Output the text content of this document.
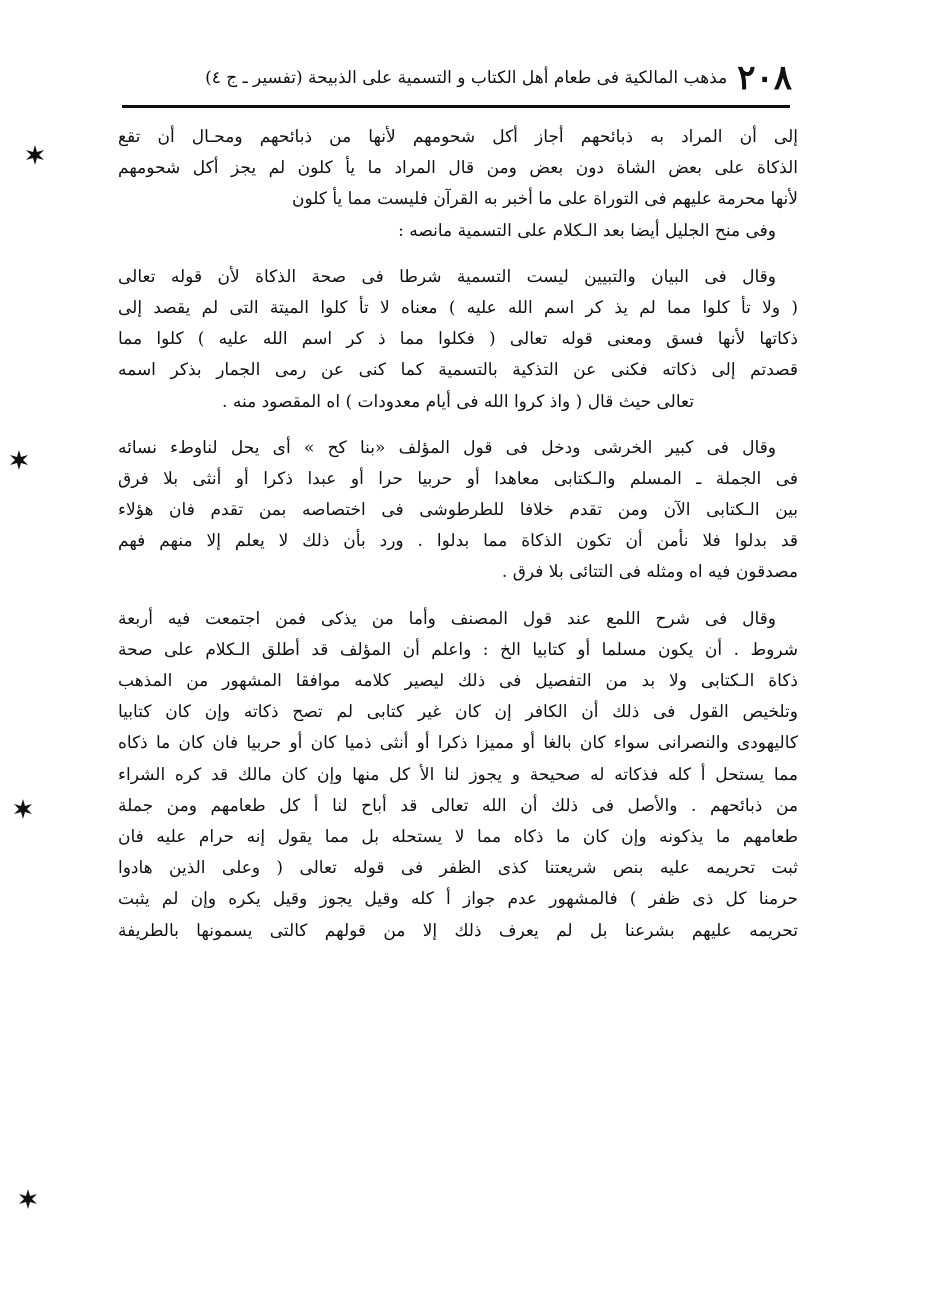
٢٠٨
مذهب المالكية فى طعام أهل الكتاب و التسمية على الذبيحة (تفسير ـ ج ٤)
إلى أن المراد به ذبائحهم أجاز أكل شحومهم لأنها من ذبائحهم ومحـال أن تقع
الذكاة على بعض الشاة دون بعض ومن قال المراد ما يأ كلون لم يجز أكل شحومهم
لأنها محرمة عليهم فى التوراة على ما أخبر به القرآن فليست مما يأ كلون
وفى منح الجليل أيضا بعد الـكلام على التسمية مانصه :
وقال فى البيان والتبيين ليست التسمية شرطا فى صحة الذكاة لأن قوله تعالى
( ولا تأ كلوا مما لم يذ كر اسم الله عليه ) معناه لا تأ كلوا الميتة التى لم يقصد إلى
ذكاتها لأنها فسق ومعنى قوله تعالى ( فكلوا مما ذ كر اسم الله عليه ) كلوا مما
قصدتم إلى ذكاته فكنى عن التذكية بالتسمية كما كنى عن رمى الجمار بذكر اسمه
تعالى حيث قال ( واذ كروا الله فى أيام معدودات ) اه المقصود منه .
وقال فى كبير الخرشى ودخل فى قول المؤلف «بنا كح » أى يحل لناوطء نسائه
فى الجملة ـ المسلم والـكتابى معاهدا أو حربيا حرا أو عبدا ذكرا أو أنثى بلا فرق
بين الـكتابى الآن ومن تقدم خلافا للطرطوشى فى اختصاصه بمن تقدم فان هؤلاء
قد بدلوا فلا نأمن أن تكون الذكاة مما بدلوا . ورد بأن ذلك لا يعلم إلا منهم فهم
مصدقون فيه اه ومثله فى التتائى بلا فرق .
وقال فى شرح اللمع عند قول المصنف وأما من يذكى فمن اجتمعت فيه أربعة
شروط . أن يكون مسلما أو كتابيا الخ : واعلم أن المؤلف قد أطلق الـكلام على صحة
ذكاة الـكتابى ولا بد من التفصيل فى ذلك ليصير كلامه موافقا المشهور من المذهب
وتلخيص القول فى ذلك أن الكافر إن كان غير كتابى لم تصح ذكاته وإن كان كتابيا
كاليهودى والنصرانى سواء كان بالغا أو مميزا ذكرا أو أنثى ذميا كان أو حربيا فان كان ما ذكاه
مما يستحل أ كله فذكاته له صحيحة و يجوز لنا الأ كل منها وإن كان مالك قد كره الشراء
من ذبائحهم . والأصل فى ذلك أن الله تعالى قد أباح لنا أ كل طعامهم ومن جملة
طعامهم ما يذكونه وإن كان ما ذكاه مما لا يستحله بل مما يقول إنه حرام عليه فان
ثبت تحريمه عليه بنص شريعتنا كذى الظفر فى قوله تعالى ( وعلى الذين هادوا
حرمنا كل ذى ظفر ) فالمشهور عدم جواز أ كله وقيل يجوز وقيل يكره وإن لم يثبت
تحريمه عليهم بشرعنا بل لم يعرف ذلك إلا من قولهم كالتى يسمونها بالطريفة
